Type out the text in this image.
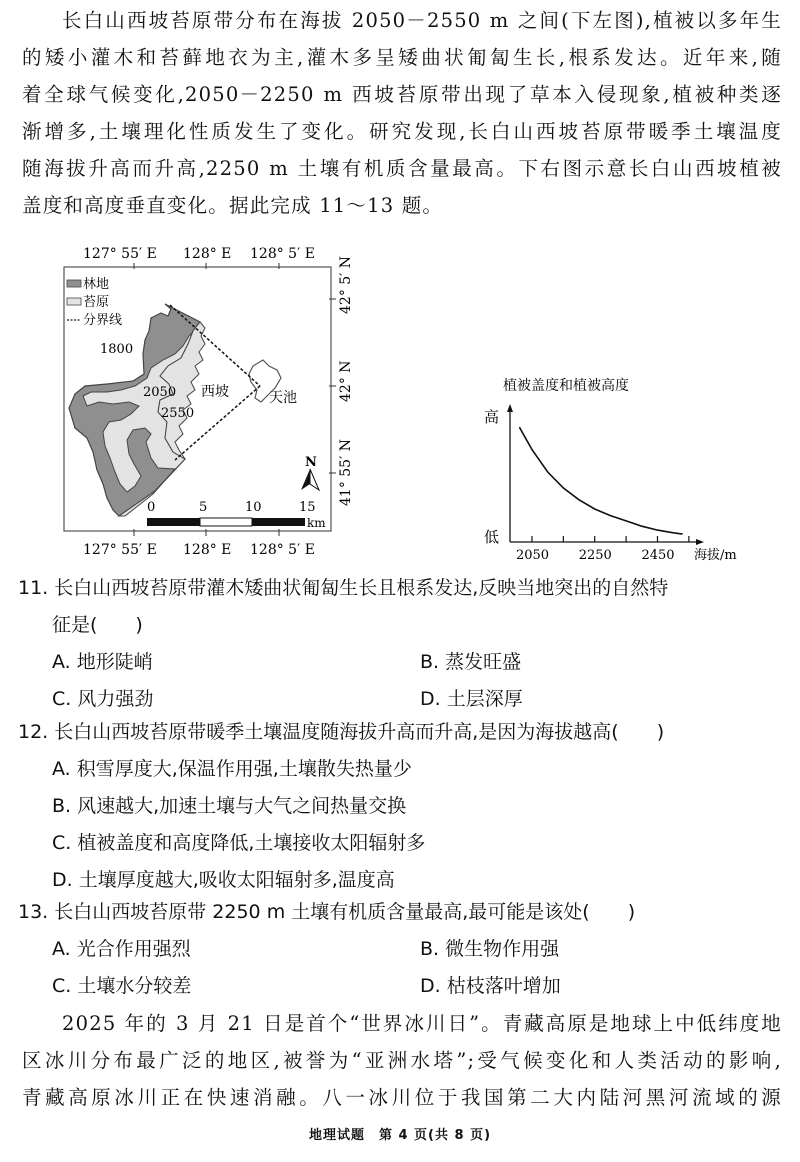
长白山西坡苔原带分布在海拔 2050－2550 m 之间(下左图),植被以多年生

的矮小灌木和苔藓地衣为主,灌木多呈矮曲状匍匐生长,根系发达。近年来,随

着全球气候变化,2050－2250 m 西坡苔原带出现了草本入侵现象,植被种类逐

渐增多,土壤理化性质发生了变化。研究发现,长白山西坡苔原带暖季土壤温度

随海拔升高而升高,2250 m 土壤有机质含量最高。下右图示意长白山西坡植被

盖度和高度垂直变化。据此完成 11～13 题。

127° 55′ E 128° E 128° 5′ E
42° 5′ N
42° N
41° 55′ N
林地
苔原
分界线
1800
2050
2550
西坡	天池
N
0	5	10	15
km
127° 55′ E 128° E 128° 5′ E
植被盖度和植被高度
高
低
2050 2250 2450 海拔/m

11. 长白山西坡苔原带灌木矮曲状匍匐生长且根系发达,反映当地突出的自然特

征是(　　)

A. 地形陡峭	B. 蒸发旺盛
C. 风力强劲	D. 土层深厚

12. 长白山西坡苔原带暖季土壤温度随海拔升高而升高,是因为海拔越高(　　)

A. 积雪厚度大,保温作用强,土壤散失热量少
B. 风速越大,加速土壤与大气之间热量交换
C. 植被盖度和高度降低,土壤接收太阳辐射多
D. 土壤厚度越大,吸收太阳辐射多,温度高

13. 长白山西坡苔原带 2250 m 土壤有机质含量最高,最可能是该处(　　)

A. 光合作用强烈	B. 微生物作用强
C. 土壤水分较差	D. 枯枝落叶增加

2025 年的 3 月 21 日是首个“世界冰川日”。青藏高原是地球上中低纬度地

区冰川分布最广泛的地区,被誉为“亚洲水塔”;受气候变化和人类活动的影响,

青藏高原冰川正在快速消融。八一冰川位于我国第二大内陆河黑河流域的源

地理试题　第 4 页(共 8 页)
